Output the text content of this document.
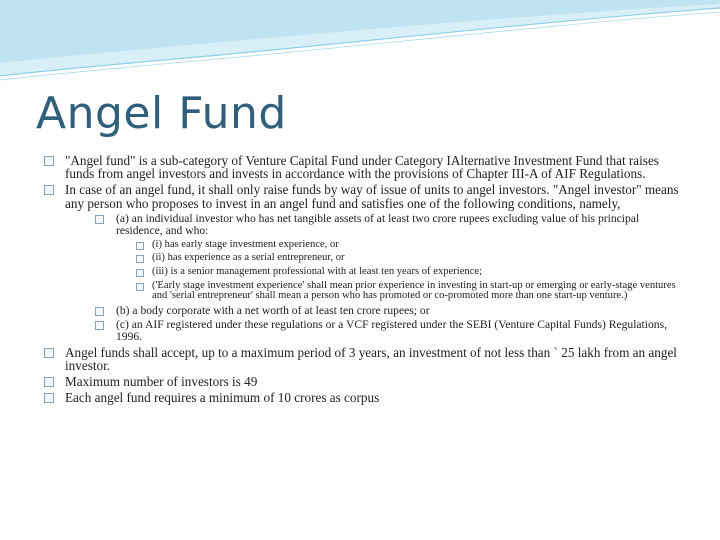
Angel Fund
"Angel fund" is a sub-category of Venture Capital Fund under Category IAlternative Investment Fund that raises funds from angel investors and invests in accordance with the provisions of Chapter III-A of AIF Regulations.
In case of an angel fund, it shall only raise funds by way of issue of units to angel investors. "Angel investor" means any person who proposes to invest in an angel fund and satisfies one of the following conditions, namely,
(a) an individual investor who has net tangible assets of at least two crore rupees excluding value of his principal residence, and who:
(i) has early stage investment experience, or
(ii) has experience as a serial entrepreneur, or
(iii) is a senior management professional with at least ten years of experience;
('Early stage investment experience' shall mean prior experience in investing in start-up or emerging or early-stage ventures and 'serial entrepreneur' shall mean a person who has promoted or co-promoted more than one start-up venture.)
(b) a body corporate with a net worth of at least ten crore rupees; or
(c) an AIF registered under these regulations or a VCF registered under the SEBI (Venture Capital Funds) Regulations, 1996.
Angel funds shall accept, up to a maximum period of 3 years, an investment of not less than ` 25 lakh from an angel investor.
Maximum number of investors is 49
Each angel fund requires a minimum of 10 crores as corpus
